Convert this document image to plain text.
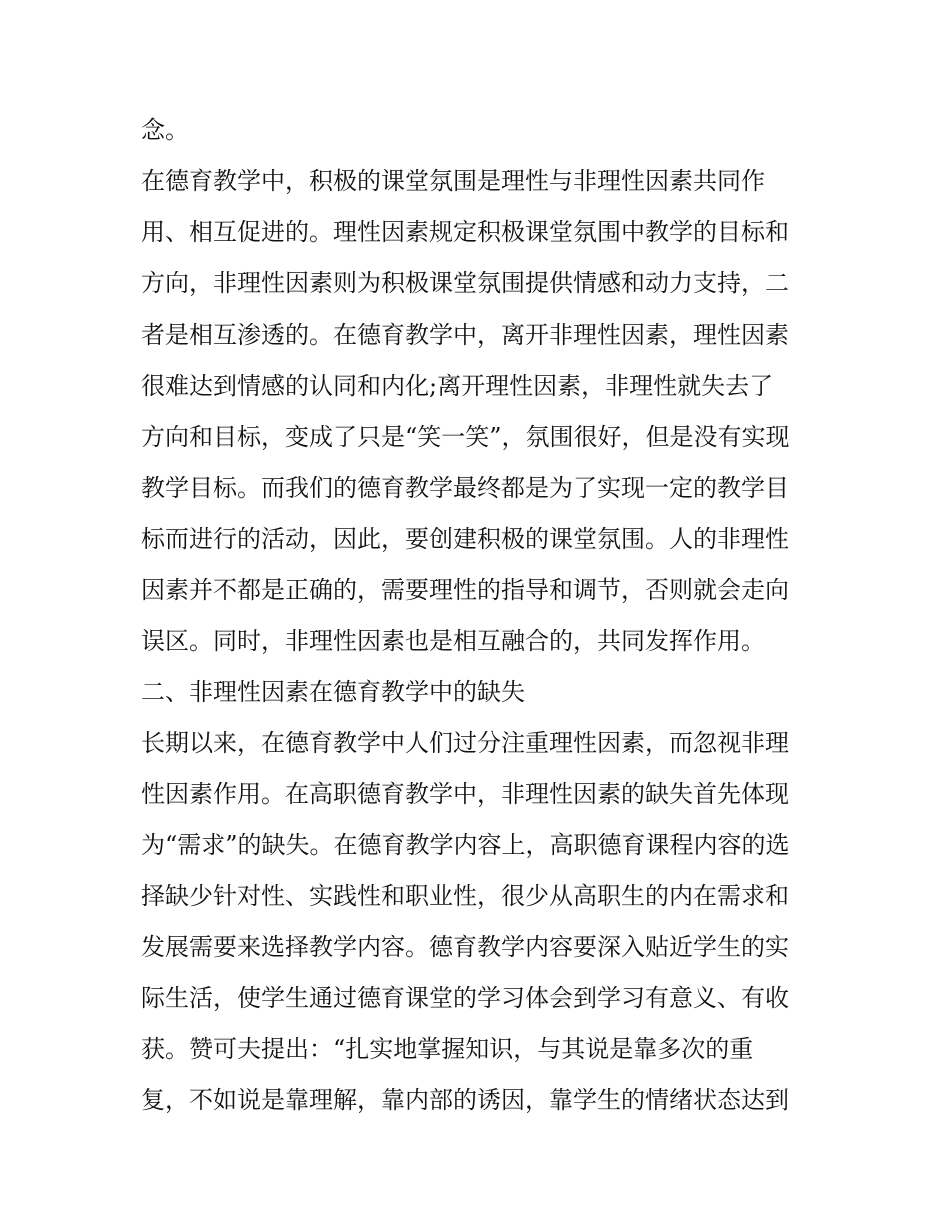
念。

在德育教学中，积极的课堂氛围是理性与非理性因素共同作

用、相互促进的。理性因素规定积极课堂氛围中教学的目标和

方向，非理性因素则为积极课堂氛围提供情感和动力支持，二

者是相互渗透的。在德育教学中，离开非理性因素，理性因素

很难达到情感的认同和内化;离开理性因素，非理性就失去了

方向和目标，变成了只是“笑一笑”，氛围很好，但是没有实现

教学目标。而我们的德育教学最终都是为了实现一定的教学目

标而进行的活动，因此，要创建积极的课堂氛围。人的非理性

因素并不都是正确的，需要理性的指导和调节，否则就会走向

误区。同时，非理性因素也是相互融合的，共同发挥作用。

二、非理性因素在德育教学中的缺失

长期以来，在德育教学中人们过分注重理性因素，而忽视非理

性因素作用。在高职德育教学中，非理性因素的缺失首先体现

为“需求”的缺失。在德育教学内容上，高职德育课程内容的选

择缺少针对性、实践性和职业性，很少从高职生的内在需求和

发展需要来选择教学内容。德育教学内容要深入贴近学生的实

际生活，使学生通过德育课堂的学习体会到学习有意义、有收

获。赞可夫提出：“扎实地掌握知识，与其说是靠多次的重

复，不如说是靠理解，靠内部的诱因，靠学生的情绪状态达到
